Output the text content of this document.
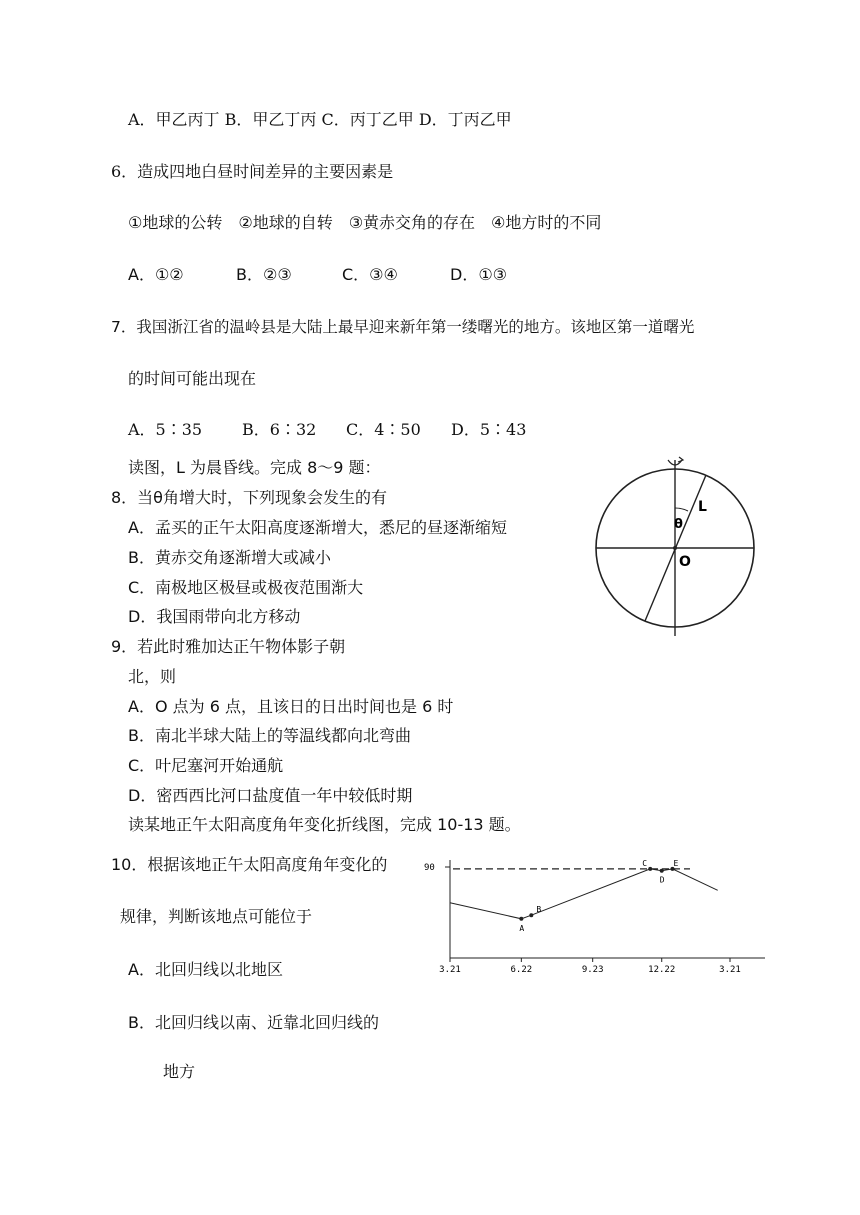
A．甲乙丙丁 B．甲乙丁丙 C．丙丁乙甲 D．丁丙乙甲
6．造成四地白昼时间差异的主要因素是
①地球的公转　②地球的自转　③黄赤交角的存在　④地方时的不同
A．①②	B．②③	C．③④	D．①③
7．我国浙江省的温岭县是大陆上最早迎来新年第一缕曙光的地方。该地区第一道曙光
的时间可能出现在
A．5∶35 B．6∶32 C．4∶50 D．5∶43
读图，L 为晨昏线。完成 8～9 题：
8．当θ角增大时，下列现象会发生的有
A．孟买的正午太阳高度逐渐增大，悉尼的昼逐渐缩短
B．黄赤交角逐渐增大或减小
C．南极地区极昼或极夜范围渐大
D．我国雨带向北方移动
9．若此时雅加达正午物体影子朝
北，则
A．O 点为 6 点，且该日的日出时间也是 6 时
B．南北半球大陆上的等温线都向北弯曲
C．叶尼塞河开始通航
D．密西西比河口盐度值一年中较低时期
读某地正午太阳高度角年变化折线图，完成 10-13 题。
10．根据该地正午太阳高度角年变化的
规律，判断该地点可能位于
A．北回归线以北地区
B．北回归线以南、近靠北回归线的
地方
θ
L
O
90
3.21	6.22	9.23	12.22	3.21
A
B
C
D
E
